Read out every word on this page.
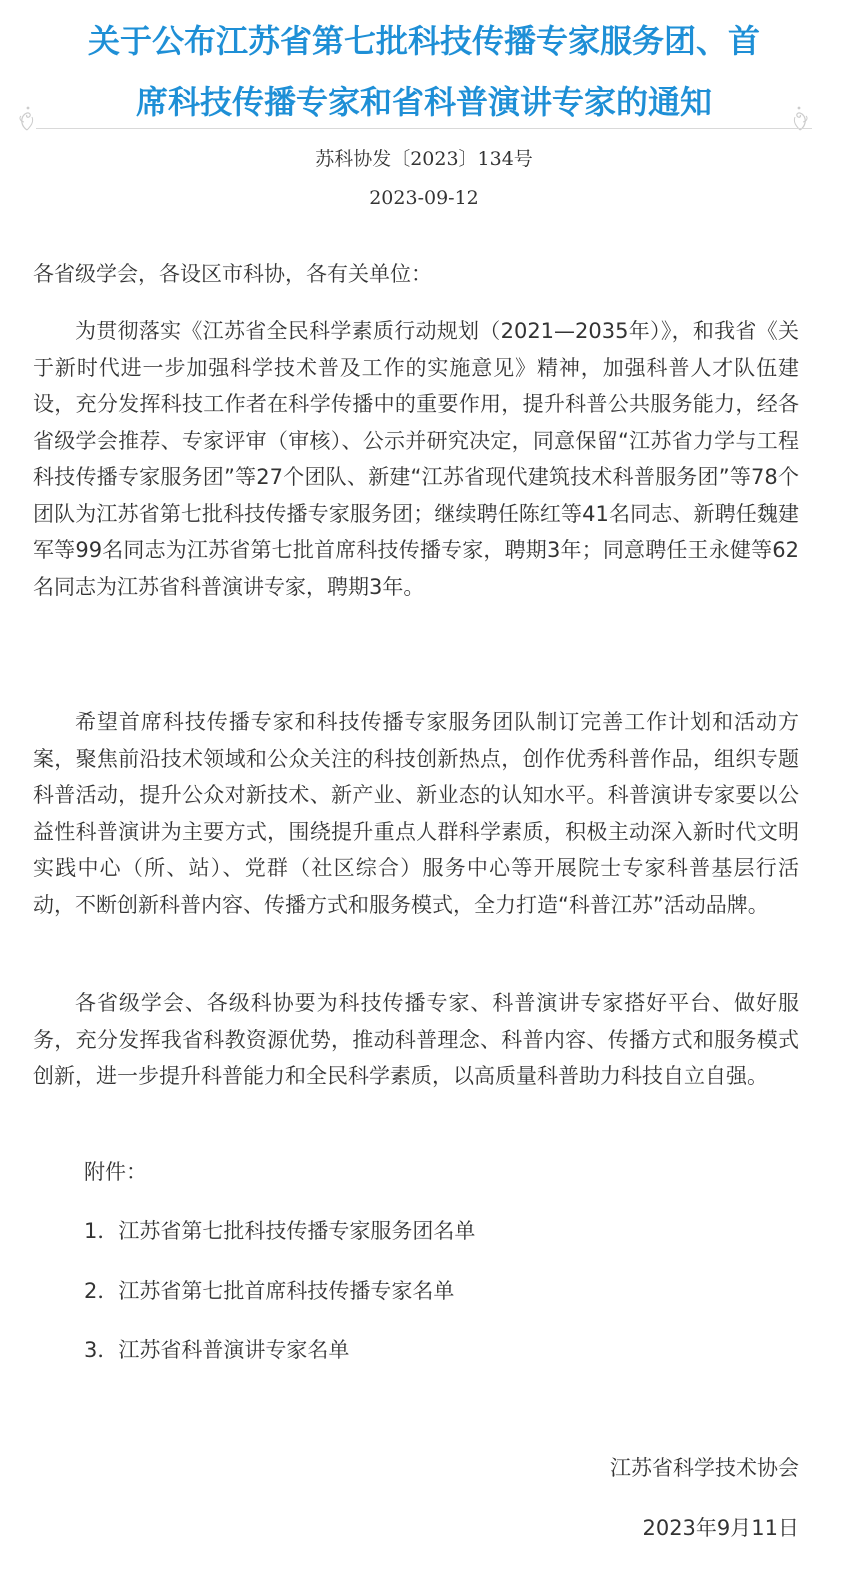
关于公布江苏省第七批科技传播专家服务团、首
席科技传播专家和省科普演讲专家的通知
苏科协发〔2023〕134号
2023-09-12
各省级学会，各设区市科协，各有关单位：
为贯彻落实《江苏省全民科学素质行动规划（2021—2035年）》，和我省《关于新时代进一步加强科学技术普及工作的实施意见》精神，加强科普人才队伍建设，充分发挥科技工作者在科学传播中的重要作用，提升科普公共服务能力，经各省级学会推荐、专家评审（审核）、公示并研究决定，同意保留“江苏省力学与工程科技传播专家服务团”等27个团队、新建“江苏省现代建筑技术科普服务团”等78个团队为江苏省第七批科技传播专家服务团；继续聘任陈红等41名同志、新聘任魏建军等99名同志为江苏省第七批首席科技传播专家，聘期3年；同意聘任王永健等62名同志为江苏省科普演讲专家，聘期3年。
希望首席科技传播专家和科技传播专家服务团队制订完善工作计划和活动方案，聚焦前沿技术领域和公众关注的科技创新热点，创作优秀科普作品，组织专题科普活动，提升公众对新技术、新产业、新业态的认知水平。科普演讲专家要以公益性科普演讲为主要方式，围绕提升重点人群科学素质，积极主动深入新时代文明实践中心（所、站）、党群（社区综合）服务中心等开展院士专家科普基层行活动，不断创新科普内容、传播方式和服务模式，全力打造“科普江苏”活动品牌。
各省级学会、各级科协要为科技传播专家、科普演讲专家搭好平台、做好服务，充分发挥我省科教资源优势，推动科普理念、科普内容、传播方式和服务模式创新，进一步提升科普能力和全民科学素质，以高质量科普助力科技自立自强。
附件：
1．江苏省第七批科技传播专家服务团名单
2．江苏省第七批首席科技传播专家名单
3．江苏省科普演讲专家名单
江苏省科学技术协会
2023年9月11日
